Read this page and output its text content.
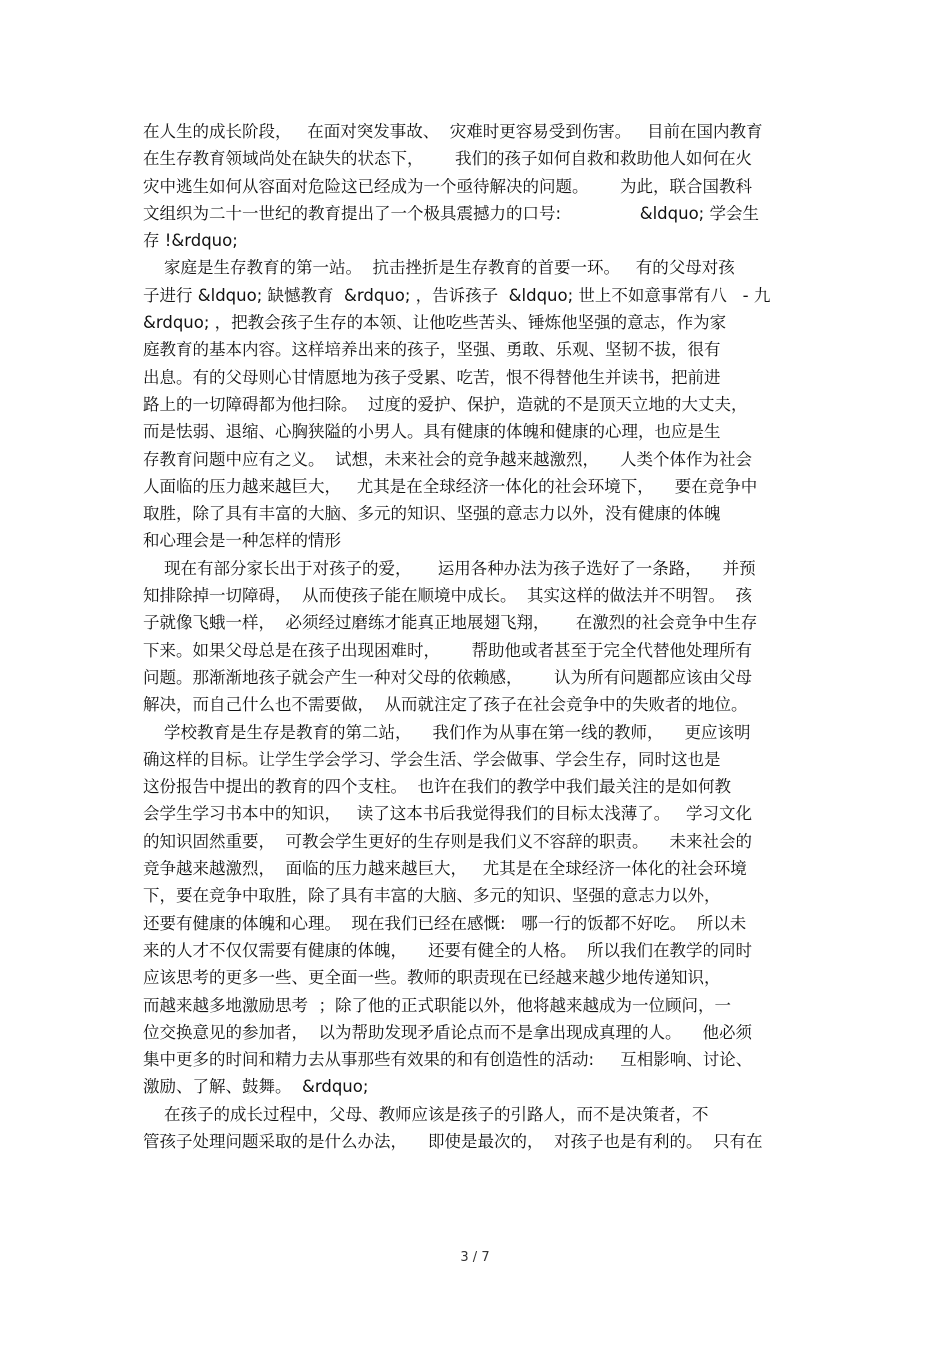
在人生的成长阶段，   在面对突发事故、  灾难时更容易受到伤害。   目前在国内教育
在生存教育领域尚处在缺失的状态下，      我们的孩子如何自救和救助他人如何在火
灾中逃生如何从容面对危险这已经成为一个亟待解决的问题。      为此，联合国教科
文组织为二十一世纪的教育提出了一个极具震撼力的口号:               &ldquo; 学会生
存 !&rdquo;
家庭是生存教育的第一站。  抗击挫折是生存教育的首要一环。   有的父母对孩
子进行 &ldquo; 缺憾教育  &rdquo; ，告诉孩子  &ldquo; 世上不如意事常有八   - 九
&rdquo; ，把教会孩子生存的本领、让他吃些苦头、锤炼他坚强的意志，作为家
庭教育的基本内容。这样培养出来的孩子，坚强、勇敢、乐观、坚韧不拔，很有
出息。有的父母则心甘情愿地为孩子受累、吃苦，恨不得替他生并读书，把前进
路上的一切障碍都为他扫除。  过度的爱护、保护，造就的不是顶天立地的大丈夫，
而是怯弱、退缩、心胸狭隘的小男人。具有健康的体魄和健康的心理，也应是生
存教育问题中应有之义。  试想，未来社会的竞争越来越激烈，    人类个体作为社会
人面临的压力越来越巨大，   尤其是在全球经济一体化的社会环境下，    要在竞争中
取胜，除了具有丰富的大脑、多元的知识、坚强的意志力以外，没有健康的体魄
和心理会是一种怎样的情形
现在有部分家长出于对孩子的爱，     运用各种办法为孩子选好了一条路，    并预
知排除掉一切障碍，  从而使孩子能在顺境中成长。  其实这样的做法并不明智。  孩
子就像飞蛾一样，  必须经过磨练才能真正地展翅飞翔，     在激烈的社会竞争中生存
下来。如果父母总是在孩子出现困难时，      帮助他或者甚至于完全代替他处理所有
问题。那渐渐地孩子就会产生一种对父母的依赖感，      认为所有问题都应该由父母
解决，而自己什么也不需要做，  从而就注定了孩子在社会竞争中的失败者的地位。
学校教育是生存是教育的第二站，    我们作为从事在第一线的教师，    更应该明
确这样的目标。让学生学会学习、学会生活、学会做事、学会生存，同时这也是
这份报告中提出的教育的四个支柱。  也许在我们的教学中我们最关注的是如何教
会学生学习书本中的知识，   读了这本书后我觉得我们的目标太浅薄了。   学习文化
的知识固然重要，  可教会学生更好的生存则是我们义不容辞的职责。    未来社会的
竞争越来越激烈，  面临的压力越来越巨大，   尤其是在全球经济一体化的社会环境
下，要在竞争中取胜，除了具有丰富的大脑、多元的知识、坚强的意志力以外，
还要有健康的体魄和心理。  现在我们已经在感慨:   哪一行的饭都不好吃。  所以未
来的人才不仅仅需要有健康的体魄，    还要有健全的人格。  所以我们在教学的同时
应该思考的更多一些、更全面一些。教师的职责现在已经越来越少地传递知识，
而越来越多地激励思考  ；除了他的正式职能以外，他将越来越成为一位顾问，一
位交换意见的参加者，  以为帮助发现矛盾论点而不是拿出现成真理的人。    他必须
集中更多的时间和精力去从事那些有效果的和有创造性的活动:     互相影响、讨论、
激励、了解、鼓舞。  &rdquo;
在孩子的成长过程中，父母、教师应该是孩子的引路人，而不是决策者，不
管孩子处理问题采取的是什么办法，    即使是最次的，  对孩子也是有利的。  只有在
3 / 7
